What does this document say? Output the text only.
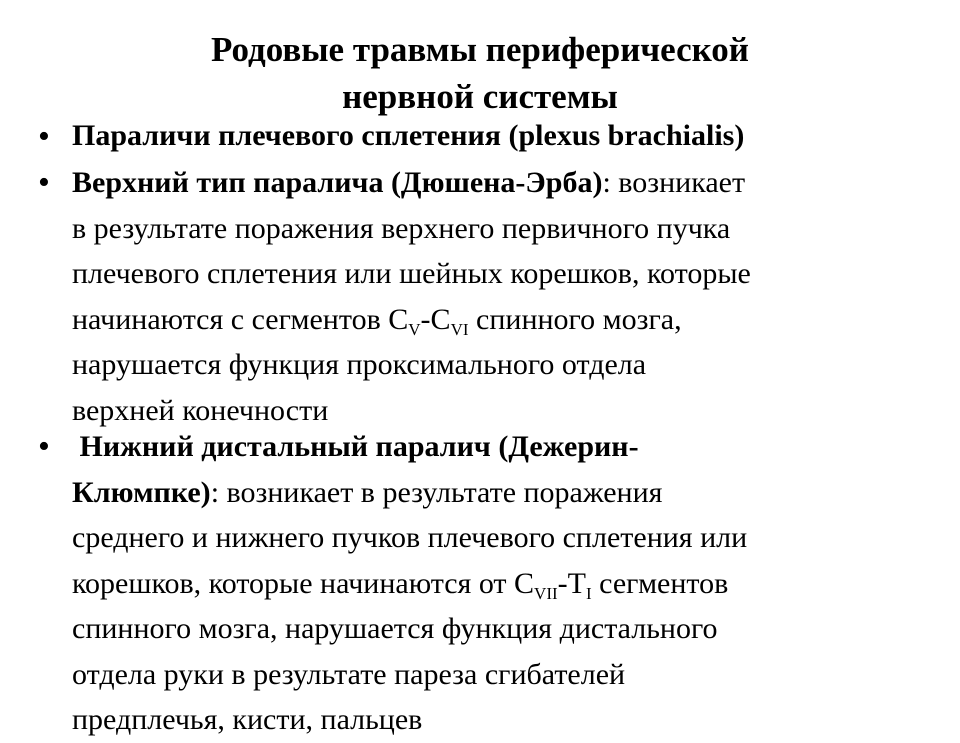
Родовые травмы периферической
нервной системы
• Параличи плечевого сплетения (plexus brachialis)
• Верхний тип паралича (Дюшена-Эрба): возникает
в результате поражения верхнего первичного пучка
плечевого сплетения или шейных корешков, которые
начинаются с сегментов $C_V-C_{VI}$ спинного мозга,
нарушается функция проксимального отдела
верхней конечности
• Нижний дистальный паралич (Дежерин-
Клюмпке): возникает в результате поражения
среднего и нижнего пучков плечевого сплетения или
корешков, которые начинаются от $C_{VII}-T_I$ сегментов
спинного мозга, нарушается функция дистального
отдела руки в результате пареза сгибателей
предплечья, кисти, пальцев
